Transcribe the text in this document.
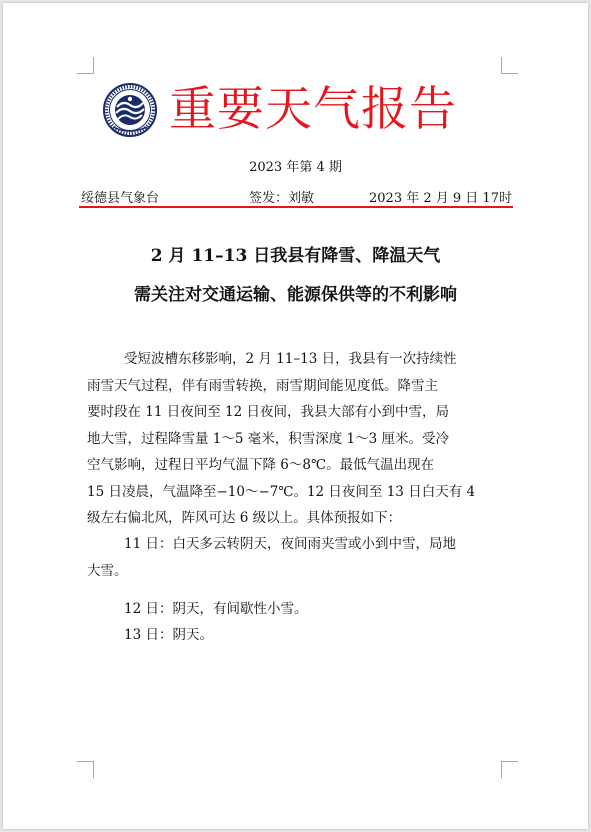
重要天气报告
2023 年第 4 期
绥德县气象台	签发：刘敏	2023 年 2 月 9 日 17时
2 月 11–13 日我县有降雪、降温天气
需关注对交通运输、能源保供等的不利影响
受短波槽东移影响，2 月 11–13 日，我县有一次持续性
雨雪天气过程，伴有雨雪转换，雨雪期间能见度低。降雪主
要时段在 11 日夜间至 12 日夜间，我县大部有小到中雪，局
地大雪，过程降雪量 1～5 毫米，积雪深度 1～3 厘米。受冷
空气影响，过程日平均气温下降 6～8℃。最低气温出现在
15 日凌晨，气温降至−10～−7℃。12 日夜间至 13 日白天有 4
级左右偏北风，阵风可达 6 级以上。具体预报如下：
11 日：白天多云转阴天，夜间雨夹雪或小到中雪，局地
大雪。
12 日：阴天，有间歇性小雪。
13 日：阴天。
